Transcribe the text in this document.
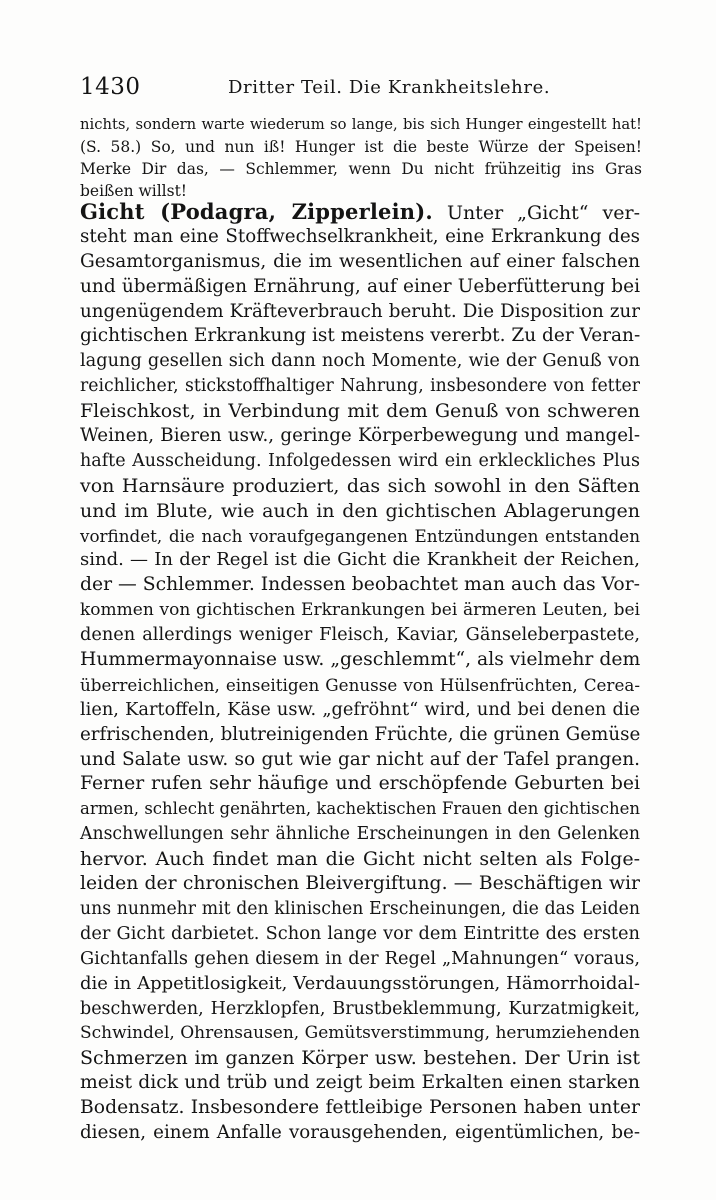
1430	Dritter Teil. Die Krankheitslehre.
nichts, sondern warte wiederum so lange, bis sich Hunger eingestellt hat!
(S. 58.) So, und nun iß! Hunger ist die beste Würze der Speisen!
Merke Dir das, — Schlemmer, wenn Du nicht frühzeitig ins Gras
beißen willst!
Gicht (Podagra, Zipperlein). Unter „Gicht“ ver-
steht man eine Stoffwechselkrankheit, eine Erkrankung des
Gesamtorganismus, die im wesentlichen auf einer falschen
und übermäßigen Ernährung, auf einer Ueberfütterung bei
ungenügendem Kräfteverbrauch beruht. Die Disposition zur
gichtischen Erkrankung ist meistens vererbt. Zu der Veran-
lagung gesellen sich dann noch Momente, wie der Genuß von
reichlicher, stickstoffhaltiger Nahrung, insbesondere von fetter
Fleischkost, in Verbindung mit dem Genuß von schweren
Weinen, Bieren usw., geringe Körperbewegung und mangel-
hafte Ausscheidung. Infolgedessen wird ein erkleckliches Plus
von Harnsäure produziert, das sich sowohl in den Säften
und im Blute, wie auch in den gichtischen Ablagerungen
vorfindet, die nach voraufgegangenen Entzündungen entstanden
sind. — In der Regel ist die Gicht die Krankheit der Reichen,
der — Schlemmer. Indessen beobachtet man auch das Vor-
kommen von gichtischen Erkrankungen bei ärmeren Leuten, bei
denen allerdings weniger Fleisch, Kaviar, Gänseleberpastete,
Hummermayonnaise usw. „geschlemmt“, als vielmehr dem
überreichlichen, einseitigen Genusse von Hülsenfrüchten, Cerea-
lien, Kartoffeln, Käse usw. „gefröhnt“ wird, und bei denen die
erfrischenden, blutreinigenden Früchte, die grünen Gemüse
und Salate usw. so gut wie gar nicht auf der Tafel prangen.
Ferner rufen sehr häufige und erschöpfende Geburten bei
armen, schlecht genährten, kachektischen Frauen den gichtischen
Anschwellungen sehr ähnliche Erscheinungen in den Gelenken
hervor. Auch findet man die Gicht nicht selten als Folge-
leiden der chronischen Bleivergiftung. — Beschäftigen wir
uns nunmehr mit den klinischen Erscheinungen, die das Leiden
der Gicht darbietet. Schon lange vor dem Eintritte des ersten
Gichtanfalls gehen diesem in der Regel „Mahnungen“ voraus,
die in Appetitlosigkeit, Verdauungsstörungen, Hämorrhoidal-
beschwerden, Herzklopfen, Brustbeklemmung, Kurzatmigkeit,
Schwindel, Ohrensausen, Gemütsverstimmung, herumziehenden
Schmerzen im ganzen Körper usw. bestehen. Der Urin ist
meist dick und trüb und zeigt beim Erkalten einen starken
Bodensatz. Insbesondere fettleibige Personen haben unter
diesen, einem Anfalle vorausgehenden, eigentümlichen, be-
